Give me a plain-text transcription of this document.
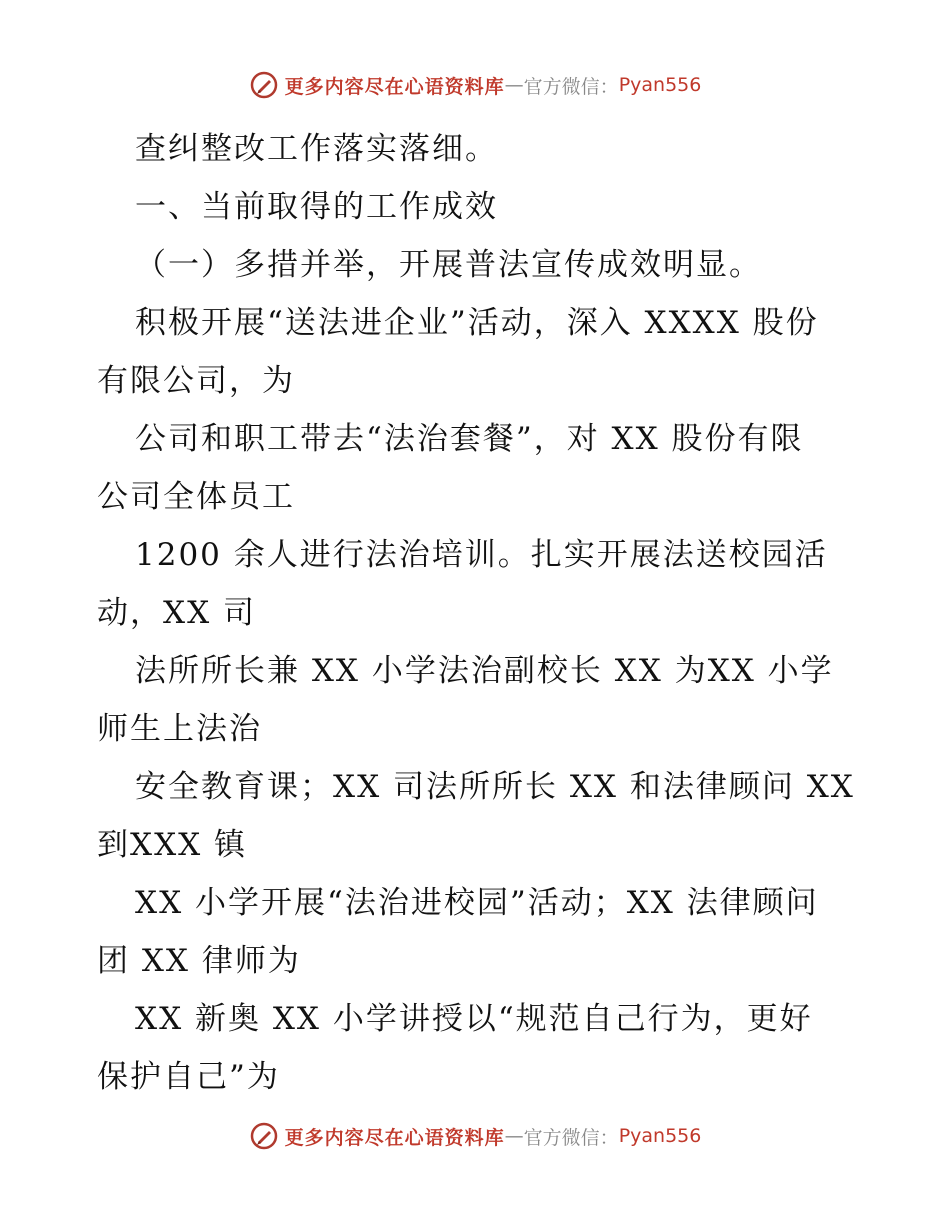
更多内容尽在心语资料库 — 官方微信： Pyan556
查纠整改工作落实落细。
一、当前取得的工作成效
（一）多措并举，开展普法宣传成效明显。
积极开展“送法进企业”活动，深入 XXXX 股份
有限公司，为
公司和职工带去“法治套餐”，对 XX 股份有限
公司全体员工
1200 余人进行法治培训。扎实开展法送校园活
动，XX 司
法所所长兼 XX 小学法治副校长 XX 为XX 小学
师生上法治
安全教育课；XX 司法所所长 XX 和法律顾问 XX
到XXX 镇
XX 小学开展“法治进校园”活动；XX 法律顾问
团 XX 律师为
XX 新奥 XX 小学讲授以“规范自己行为，更好
保护自己”为
更多内容尽在心语资料库 — 官方微信： Pyan556
